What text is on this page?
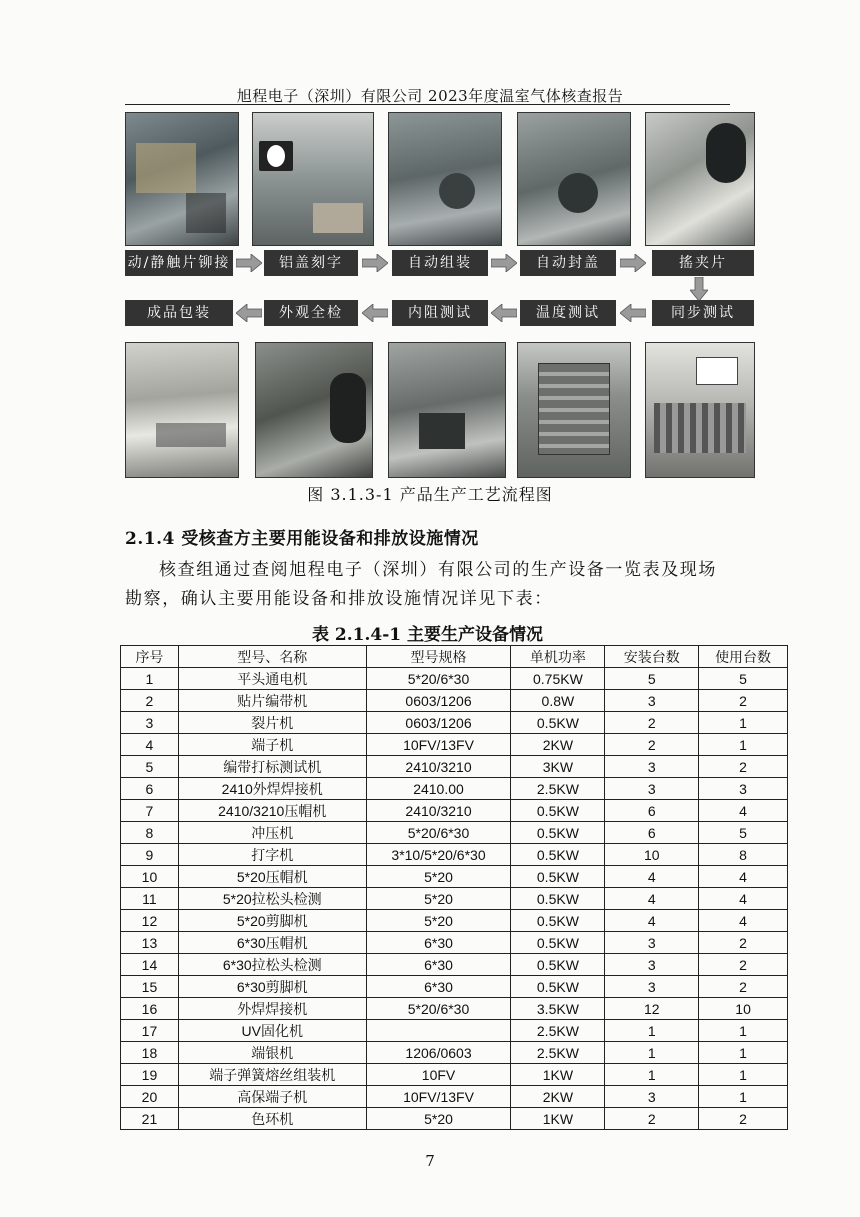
旭程电子（深圳）有限公司 2023年度温室气体核查报告
动/静触片铆接	铝盖刻字	自动组装	自动封盖	搖夹片
成品包装	外观全检	内阻测试	温度测试	同步测试
图 3.1.3-1 产品生产工艺流程图
2.1.4 受核查方主要用能设备和排放设施情况
核查组通过查阅旭程电子（深圳）有限公司的生产设备一览表及现场
勘察，确认主要用能设备和排放设施情况详见下表：
表 2.1.4-1 主要生产设备情况
序号	型号、名称	型号规格	单机功率	安装台数	使用台数
1	平头通电机	5*20/6*30	0.75KW	5	5
2	贴片编带机	0603/1206	0.8W	3	2
3	裂片机	0603/1206	0.5KW	2	1
4	端子机	10FV/13FV	2KW	2	1
5	编带打标测试机	2410/3210	3KW	3	2
6	2410外焊焊接机	2410.00	2.5KW	3	3
7	2410/3210压帽机	2410/3210	0.5KW	6	4
8	冲压机	5*20/6*30	0.5KW	6	5
9	打字机	3*10/5*20/6*30	0.5KW	10	8
10	5*20压帽机	5*20	0.5KW	4	4
11	5*20拉松头检测	5*20	0.5KW	4	4
12	5*20剪脚机	5*20	0.5KW	4	4
13	6*30压帽机	6*30	0.5KW	3	2
14	6*30拉松头检测	6*30	0.5KW	3	2
15	6*30剪脚机	6*30	0.5KW	3	2
16	外焊焊接机	5*20/6*30	3.5KW	12	10
17	UV固化机		2.5KW	1	1
18	端银机	1206/0603	2.5KW	1	1
19	端子弹簧熔丝组装机	10FV	1KW	1	1
20	高保端子机	10FV/13FV	2KW	3	1
21	色环机	5*20	1KW	2	2
7
